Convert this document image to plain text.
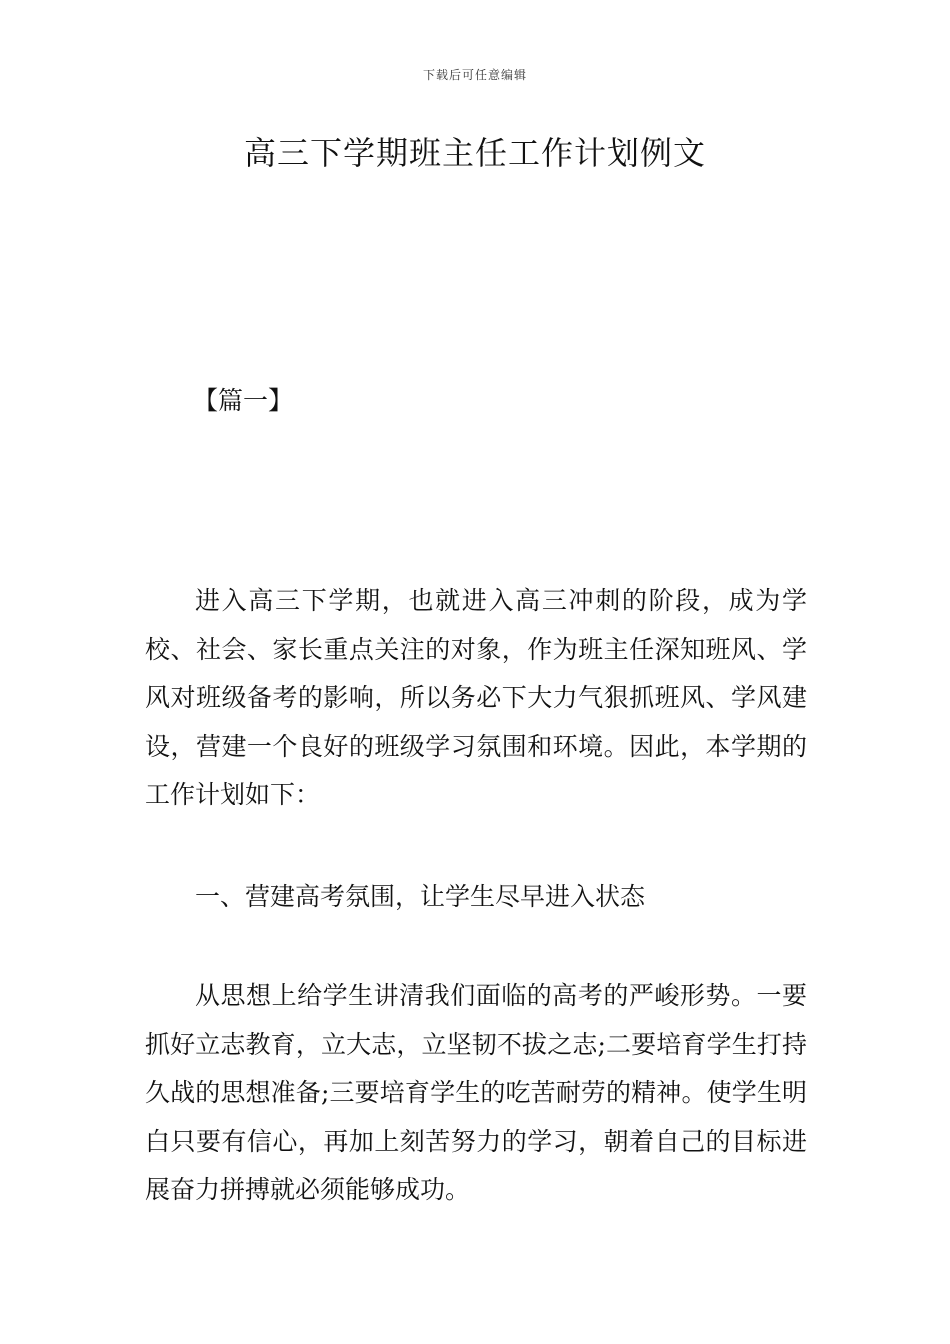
下载后可任意编辑
高三下学期班主任工作计划例文
【篇一】

进入高三下学期，也就进入高三冲刺的阶段，成为学校、社会、家长重点关注的对象，作为班主任深知班风、学风对班级备考的影响，所以务必下大力气狠抓班风、学风建设，营建一个良好的班级学习氛围和环境。因此，本学期的工作计划如下：

一、营建高考氛围，让学生尽早进入状态

从思想上给学生讲清我们面临的高考的严峻形势。一要抓好立志教育，立大志，立坚韧不拔之志;二要培育学生打持久战的思想准备;三要培育学生的吃苦耐劳的精神。使学生明白只要有信心，再加上刻苦努力的学习，朝着自己的目标进展奋力拼搏就必须能够成功。
